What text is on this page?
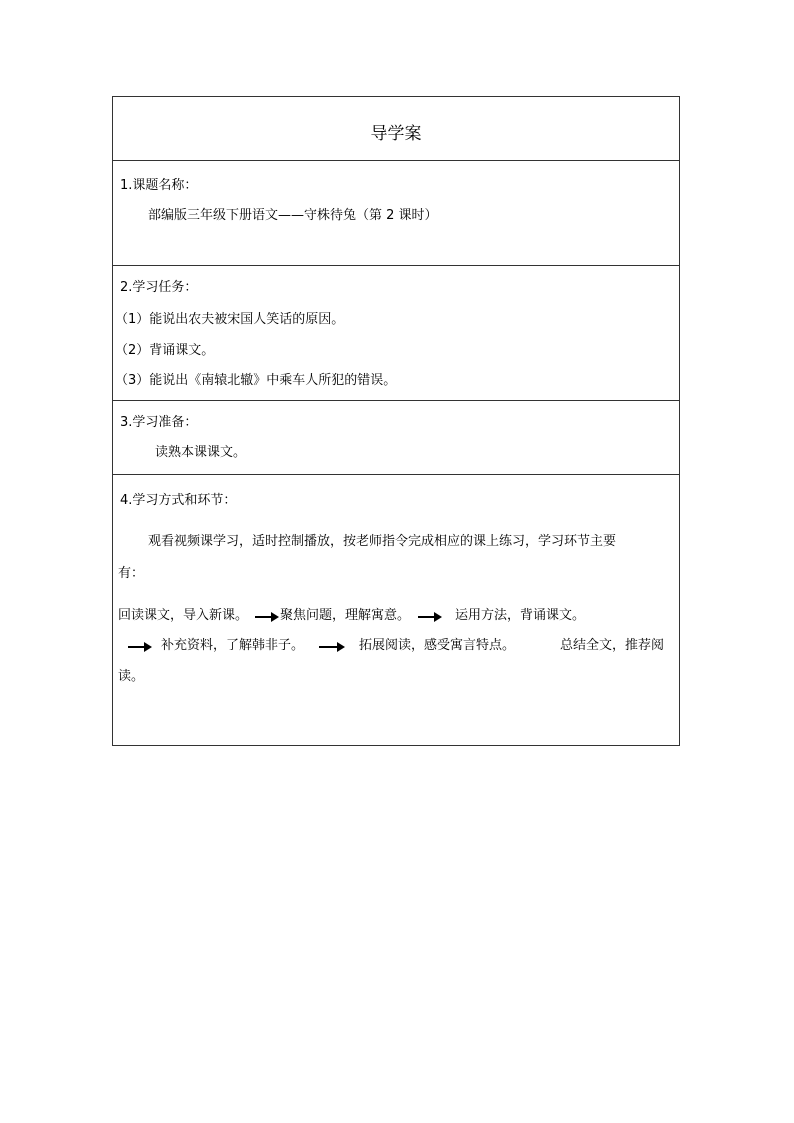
导学案
1.课题名称：
部编版三年级下册语文——守株待兔（第 2 课时）
2.学习任务：
（1）能说出农夫被宋国人笑话的原因。
（2）背诵课文。
（3）能说出《南辕北辙》中乘车人所犯的错误。
3.学习准备：
读熟本课课文。
4.学习方式和环节：
观看视频课学习，适时控制播放，按老师指令完成相应的课上练习，学习环节主要
有：
回读课文，导入新课。 聚焦问题，理解寓意。	运用方法，背诵课文。
补充资料，了解韩非子。	拓展阅读，感受寓言特点。	总结全文，推荐阅
读。
